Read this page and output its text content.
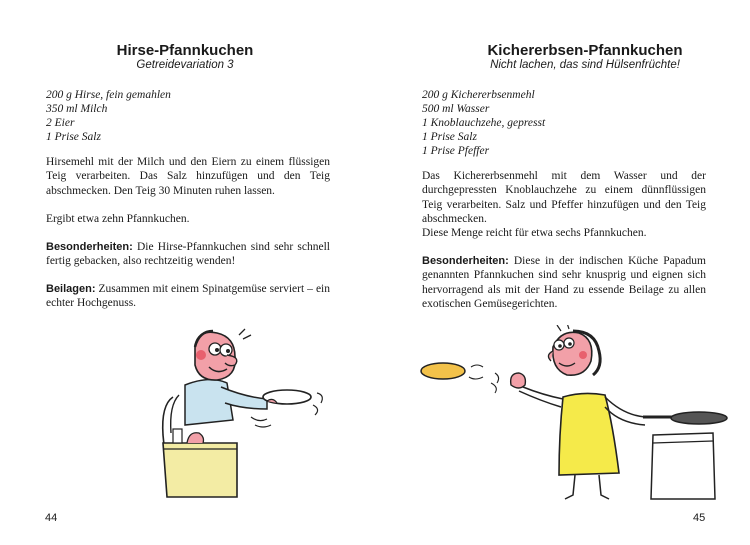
Hirse-Pfannkuchen

Getreidevariation 3

200 g Hirse, fein gemahlen
350 ml Milch
2 Eier
1 Prise Salz

Hirsemehl mit der Milch und den Eiern zu einem flüssigen Teig verarbeiten. Das Salz hinzufügen und den Teig abschmecken. Den Teig 30 Minuten ruhen lassen.

Ergibt etwa zehn Pfannkuchen.

Besonderheiten: Die Hirse-Pfannkuchen sind sehr schnell fertig gebacken, also rechtzeitig wenden!

Beilagen: Zusammen mit einem Spinatgemüse serviert – ein echter Hochgenuss.

44
Kichererbsen-Pfannkuchen

Nicht lachen, das sind Hülsenfrüchte!

200 g Kichererbsenmehl
500 ml Wasser
1 Knoblauchzehe, gepresst
1 Prise Salz
1 Prise Pfeffer

Das Kichererbsenmehl mit dem Wasser und der durchgepressten Knoblauchzehe zu einem dünnflüssigen Teig verarbeiten. Salz und Pfeffer hinzufügen und den Teig abschmecken.

Diese Menge reicht für etwa sechs Pfannkuchen.

Besonderheiten: Diese in der indischen Küche Papadum genannten Pfannkuchen sind sehr knusprig und eignen sich hervorragend als mit der Hand zu essende Beilage zu allen exotischen Gemüsegerichten.

45
